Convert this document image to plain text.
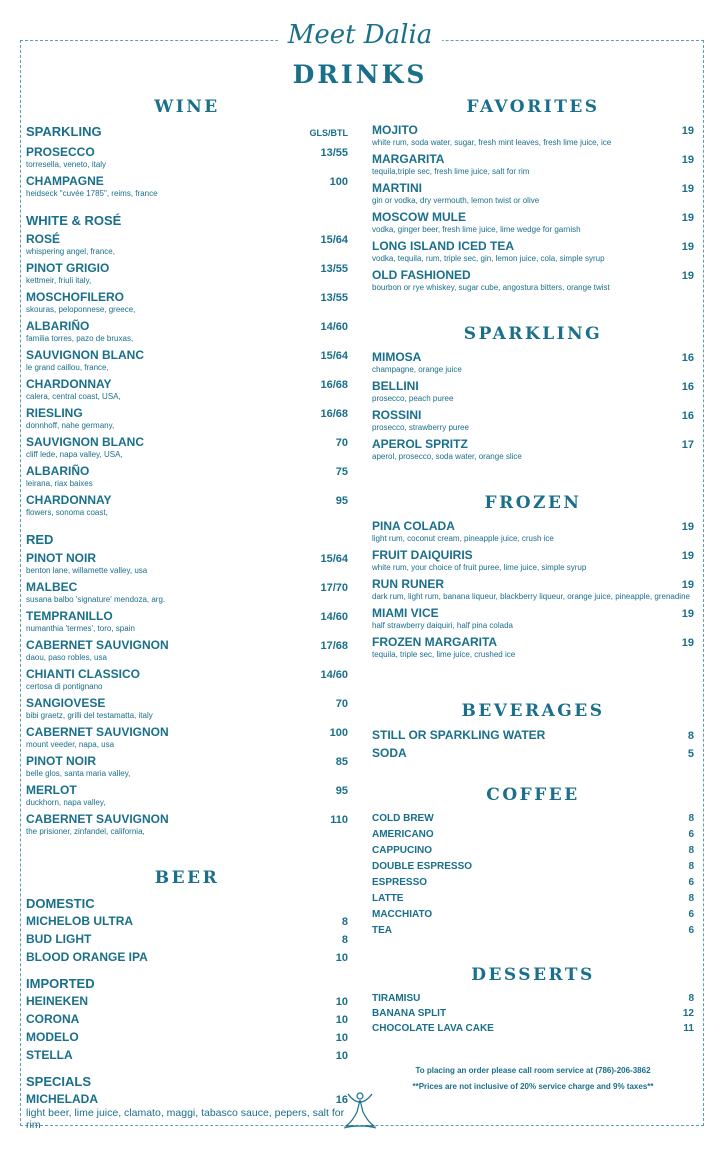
Meet Dalia
DRINKS
WINE
SPARKLING	GLS/BTL
PROSECCO	13/55
torresella, veneto, italy
CHAMPAGNE	100
heidseck "cuvée 1785", reims, france
WHITE & ROSÉ
ROSÉ	15/64
whispering angel, france,
PINOT GRIGIO	13/55
kettmeir, friuli italy,
MOSCHOFILERO	13/55
skouras, peloponnese, greece,
ALBARIÑO	14/60
familia torres, pazo de bruxas,
SAUVIGNON BLANC	15/64
le grand caillou, france,
CHARDONNAY	16/68
calera, central coast, USA,
RIESLING	16/68
donnhoff, nahe germany,
SAUVIGNON BLANC	70
cliff lede, napa valley, USA,
ALBARIÑO	75
leirana, riax baixes
CHARDONNAY	95
flowers, sonoma coast,
RED
PINOT NOIR	15/64
benton lane, willamette valley, usa
MALBEC	17/70
susana balbo 'signature' mendoza, arg.
TEMPRANILLO	14/60
numanthia 'termes', toro, spain
CABERNET SAUVIGNON	17/68
daou, paso robles, usa
CHIANTI CLASSICO	14/60
certosa di pontignano
SANGIOVESE	70
bibi graetz, grilli del testamatta, italy
CABERNET SAUVIGNON	100
mount veeder, napa, usa
PINOT NOIR	85
belle glos, santa maria valley,
MERLOT	95
duckhorn, napa valley,
CABERNET SAUVIGNON	110
the prisioner, zinfandel, california,
BEER
DOMESTIC
MICHELOB ULTRA	8
BUD LIGHT	8
BLOOD ORANGE IPA	10
IMPORTED
HEINEKEN	10
CORONA	10
MODELO	10
STELLA	10
SPECIALS
MICHELADA	16
light beer, lime juice, clamato, maggi, tabasco sauce, pepers, salt for rim
FAVORITES
MOJITO	19
white rum, soda water, sugar, fresh mint leaves, fresh lime juice, ice
MARGARITA	19
tequila,triple sec, fresh lime juice, salt for rim
MARTINI	19
gin or vodka, dry vermouth, lemon twist or olive
MOSCOW MULE	19
vodka, ginger beer, fresh lime juice, lime wedge for garnish
LONG ISLAND ICED TEA	19
vodka, tequila, rum, triple sec, gin, lemon juice, cola, simple syrup
OLD FASHIONED	19
bourbon or rye whiskey, sugar cube, angostura bitters, orange twist
SPARKLING
MIMOSA	16
champagne, orange juice
BELLINI	16
prosecco, peach puree
ROSSINI	16
prosecco, strawberry puree
APEROL SPRITZ	17
aperol, prosecco, soda water, orange slice
FROZEN
PINA COLADA	19
light rum, coconut cream, pineapple juice, crush ice
FRUIT DAIQUIRIS	19
white rum, your choice of fruit puree, lime juice, simple syrup
RUN RUNER	19
dark rum, light rum, banana liqueur, blackberry liqueur, orange juice, pineapple, grenadine
MIAMI VICE	19
half strawberry daiquiri, half pina colada
FROZEN MARGARITA	19
tequila, triple sec, lime juice, crushed ice
BEVERAGES
STILL OR SPARKLING WATER	8
SODA	5
COFFEE
COLD BREW	8
AMERICANO	6
CAPPUCINO	8
DOUBLE ESPRESSO	8
ESPRESSO	6
LATTE	8
MACCHIATO	6
TEA	6
DESSERTS
TIRAMISU	8
BANANA SPLIT	12
CHOCOLATE LAVA CAKE	11
To placing an order please call room service at (786)-206-3862
**Prices are not inclusive of 20% service charge and 9% taxes**
